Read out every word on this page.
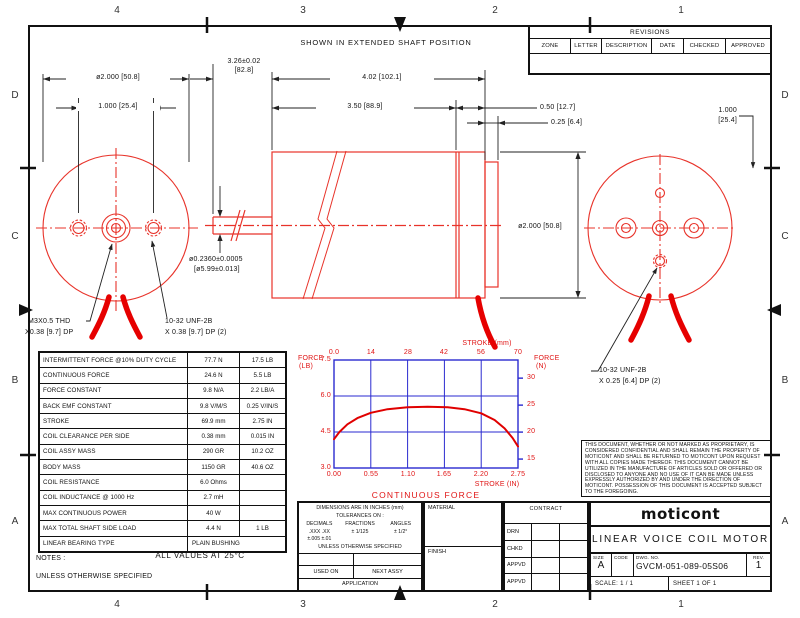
4	3	2	1
4	3	2	1
D
C
B
A
D
C
B
A
REVISIONS
ZONE	LETTER	DESCRIPTION	DATE	CHECKED	APPROVED
SHOWN IN EXTENDED SHAFT POSITION
0.0	14	28	42	56	70
STROKE (mm)
0.00	0.55	1.10	1.65	2.20	2.75
STROKE (IN)
7.5
6.0
4.5
3.0
FORCE
(LB)
30
25
20
15
FORCE
(N)
CONTINUOUS FORCE
INTERMITTENT FORCE @10% DUTY CYCLE	77.7 N	17.5 LB
CONTINUOUS FORCE	24.6 N	5.5 LB
FORCE CONSTANT	9.8 N/A	2.2 LB/A
BACK EMF CONSTANT	9.8 V/M/S	0.25 V/IN/S
STROKE	69.9 mm	2.75 IN
COIL CLEARANCE PER SIDE	0.38 mm	0.015 IN
COIL ASSY MASS	290 GR	10.2 OZ
BODY MASS	1150 GR	40.6 OZ
COIL RESISTANCE	6.0 Ohms
COIL INDUCTANCE @ 1000 Hz	2.7 mH
MAX CONTINUOUS POWER	40 W
MAX TOTAL SHAFT SIDE LOAD	4.4 N	1 LB
LINEAR BEARING TYPE	PLAIN BUSHING
NOTES :
UNLESS OTHERWISE SPECIFIED
ALL VALUES AT 25°C
ø2.000 [50.8]
1.000 [25.4]
3.26±0.02
[82.8]
4.02 [102.1]
3.50 [88.9]	0.50 [12.7]
0.25 [6.4]
ø0.2360±0.0005
[ø5.99±0.013]
ø2.000 [50.8]
1.000
[25.4]
M3X0.5 THD
X0.38 [9.7] DP
10-32 UNF-2B
X 0.38 [9.7] DP (2)
10-32 UNF-2B
X 0.25 [6.4] DP (2)
THIS DOCUMENT, WHETHER OR NOT MARKED AS PROPRIETARY, IS CONSIDERED CONFIDENTIAL AND SHALL REMAIN THE PROPERTY OF MOTICONT AND SHALL BE RETURNED TO MOTICONT UPON REQUEST WITH ALL COPIES MADE THEREOF. THIS DOCUMENT CANNOT BE UTILIZED IN THE MANUFACTURE OF ARTICLES SOLD OR OFFERED OR DISCLOSED TO ANYONE AND NO USE OF IT CAN BE MADE UNLESS EXPRESSLY AUTHORIZED BY AND UNDER THE DIRECTION OF MOTICONT. POSSESSION OF THIS DOCUMENT IS ACCEPTED SUBJECT TO THE FOREGOING.
DIMENSIONS ARE IN INCHES (mm)
TOLERANCES ON :
DECIMALS
.XXX .XX
±.005 ±.01
FRACTIONS
± 1/125
ANGLES
± 1/2°
UNLESS OTHERWISE SPECIFIED
USED ON	NEXT ASSY
APPLICATION
MATERIAL
FINISH
CONTRACT
DRN
CHKD
APPVD
APPVD
moticont
LINEAR VOICE COIL MOTOR
SIZE
A
CODE	DWG. NO.
GVCM-051-089-05S06
REV.
1
SCALE: 1 / 1	SHEET 1 OF 1
